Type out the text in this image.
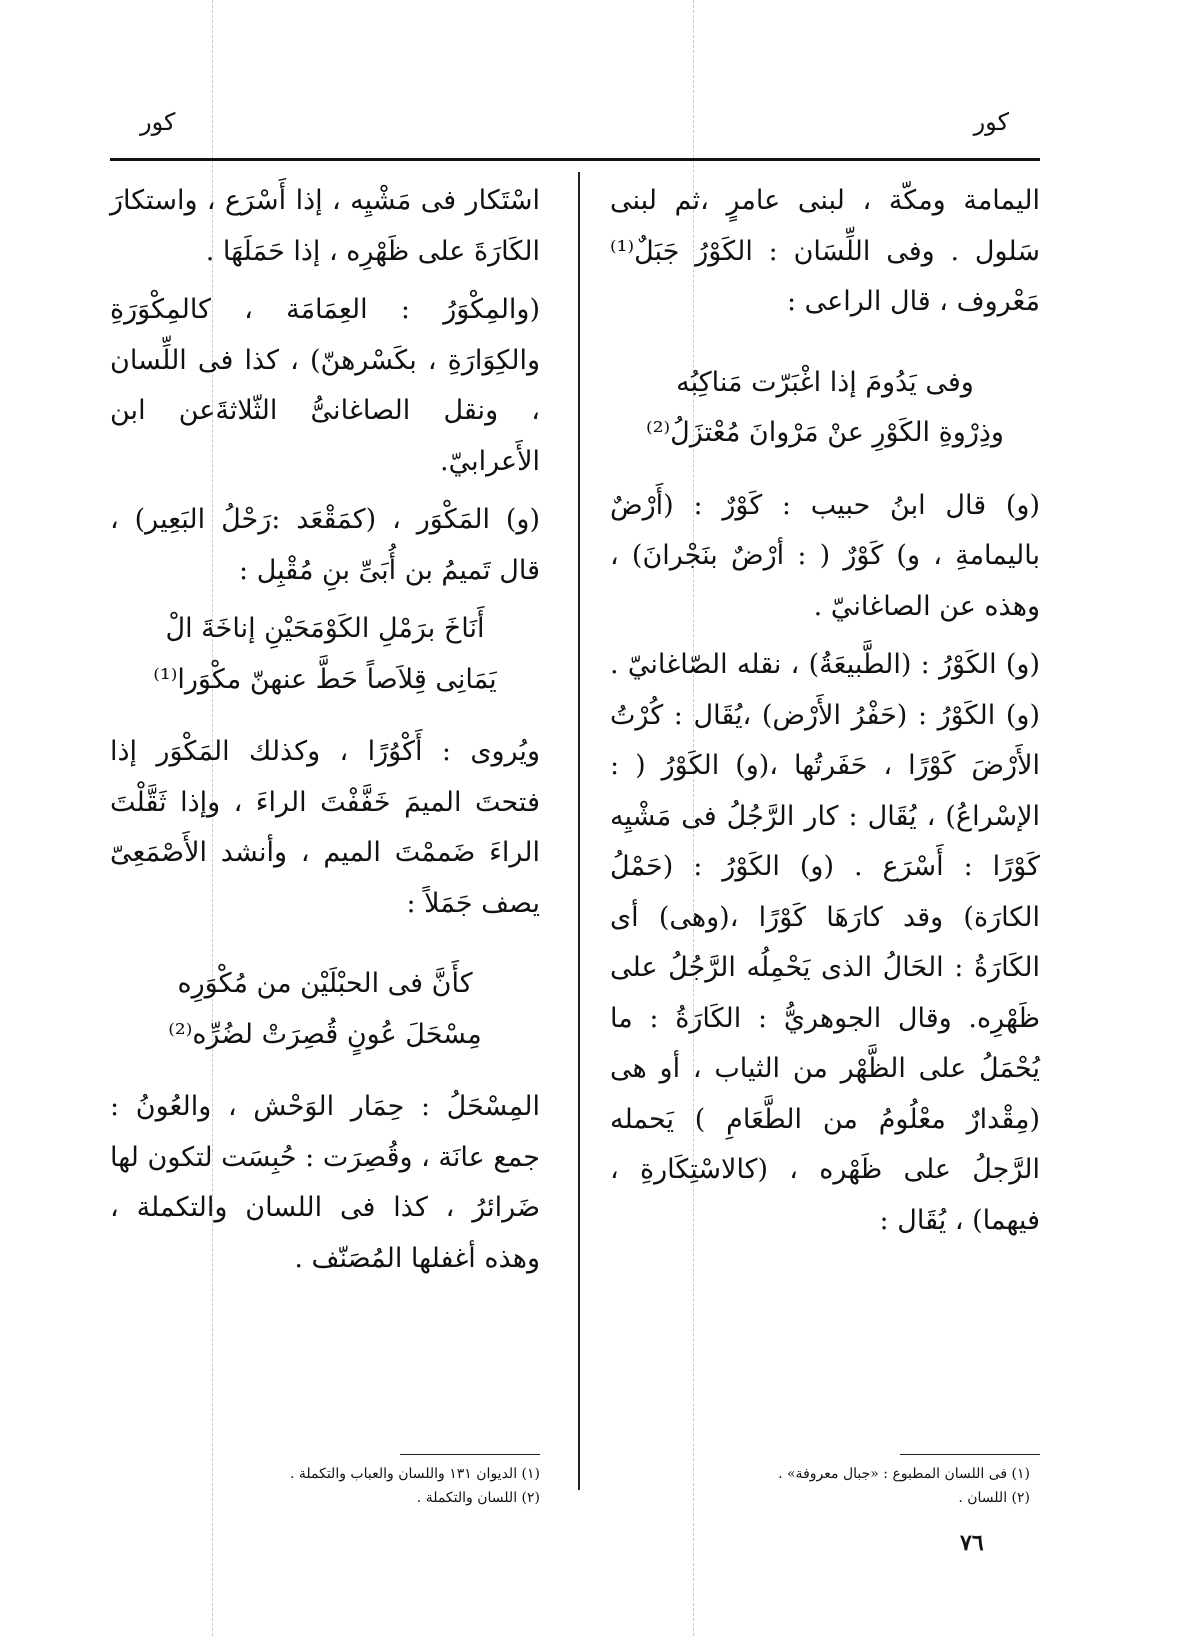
كور
كور

اليمامة ومكّة ، لبنى عامرٍ ،ثم لبنى سَلول . وفى اللِّسَان : الكَوْرُ جَبَلٌ⁽¹⁾ مَعْروف ، قال الراعى :

وفى يَدُومَ إذا اغْبَرّت مَناكِبُه

وذِرْوةِ الكَوْرِ عنْ مَرْوانَ مُعْتزَلُ⁽²⁾

(و) قال ابنُ حبيب : كَوْرٌ : (أَرْضٌ باليمامةِ ، و) كَوْرٌ ( : أرْضٌ بنَجْرانَ) ، وهذه عن الصاغانيّ .

(و) الكَوْرُ : (الطَّبيعَةُ) ، نقله الصّاغانيّ . (و) الكَوْرُ : (حَفْرُ الأَرْض) ،يُقَال : كُرْتُ الأَرْضَ كَوْرًا ، حَفَرتُها ،(و) الكَوْرُ ( : الإسْراعُ) ، يُقَال : كار الرَّجُلُ فى مَشْيِه كَوْرًا : أَسْرَع . (و) الكَوْرُ : (حَمْلُ الكارَة) وقد كارَهَا كَوْرًا ،(وهى) أى الكَارَةُ : الحَالُ الذى يَحْمِلُه الرَّجُلُ على ظَهْرِه. وقال الجوهريُّ : الكَارَةُ : ما يُحْمَلُ على الظَّهْر من الثياب ، أو هى (مِقْدارٌ معْلُومُ من الطَّعَامِ ) يَحمله الرَّجلُ على ظَهْره ، (كالاسْتِكَارةِ ، فيهما) ، يُقَال :

اسْتَكار فى مَشْيِه ، إذا أَسْرَع ، واستكارَ الكَارَةَ على ظَهْرِه ، إذا حَمَلَهَا .

(والمِكْوَرُ : العِمَامَة ، كالمِكْوَرَةِ والكِوَارَةِ ، بكَسْرهنّ) ، كذا فى اللِّسان ، ونقل الصاغانىُّ الثّلاثةَعن ابن الأَعرابيّ.

(و) المَكْوَر ، (كمَقْعَد :رَحْلُ البَعِير) ، قال تَميمُ بن أُبَىِّ بنِ مُقْبِل :

أَنَاخَ برَمْلِ الكَوْمَحَيْنِ إناخَةَ الْ

يَمَانِى قِلاَصاً حَطَّ عنهنّ مكْوَرا⁽¹⁾

ويُروى : أَكْوُرًا ، وكذلك المَكْوَر إذا فتحتَ الميمَ خَفَّفْتَ الراءَ ، وإذا ثَقَّلْتَ الراءَ ضَممْتَ الميم ، وأنشد الأَصْمَعِىّ يصف جَمَلاً :

كأَنَّ فى الحبْلَيْن من مُكْوَرِه

مِسْحَلَ عُونٍ قُصِرَتْ لضُرِّه⁽²⁾

المِسْحَلُ : حِمَار الوَحْش ، والعُونُ : جمع عانَة ، وقُصِرَت : حُبِسَت لتكون لها ضَرائرُ ، كذا فى اللسان والتكملة ، وهذه أغفلها المُصَنّف .

(١) فى اللسان المطبوع : «جبال معروفة» .
(٢) اللسان .
(١) الديوان ١٣١ واللسان والعباب والتكملة .
(٢) اللسان والتكملة .
٧٦
